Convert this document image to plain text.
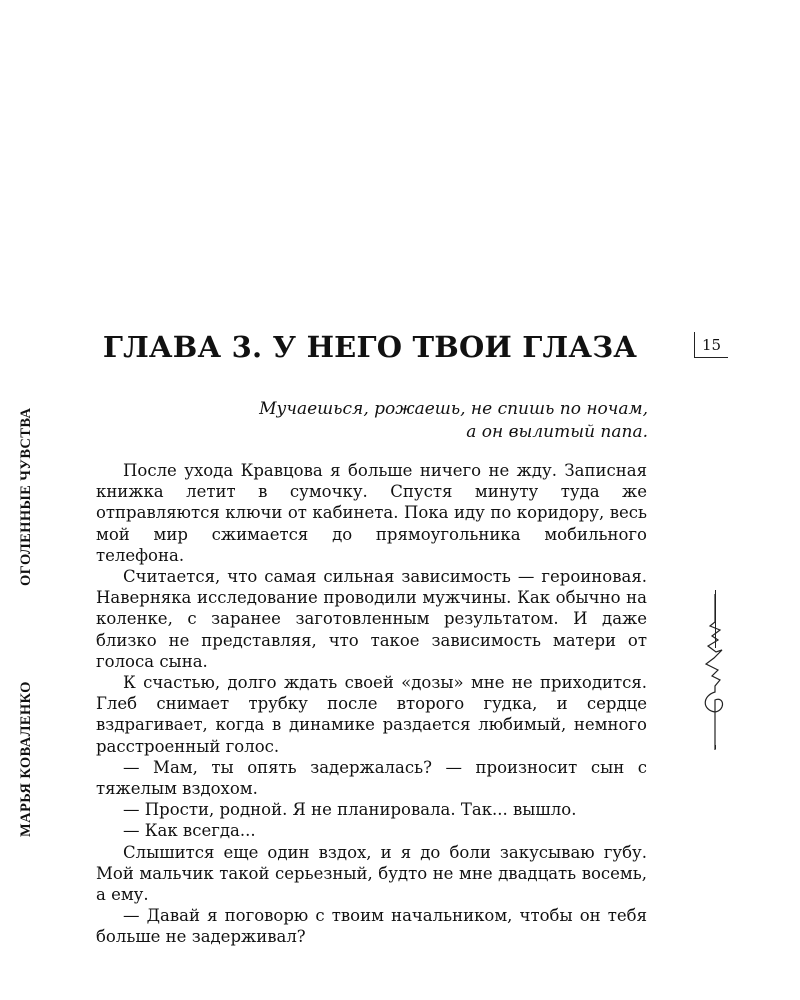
ГЛАВА 3. У НЕГО ТВОИ ГЛАЗА
Мучаешься, рожаешь, не спишь по ночам,
а он вылитый папа.

После ухода Кравцова я больше ничего не жду. Записная книжка летит в сумочку. Спустя минуту туда же отправляются ключи от кабинета. Пока иду по коридору, весь мой мир сжимается до прямоугольника мобильного телефона.

Считается, что самая сильная зависимость — героиновая. Наверняка исследование проводили мужчины. Как обычно на коленке, с заранее заготовленным результатом. И даже близко не представляя, что такое зависимость матери от голоса сына.

К счастью, долго ждать своей «дозы» мне не приходится. Глеб снимает трубку после второго гудка, и сердце вздрагивает, когда в динамике раздается любимый, немного расстроенный голос.

— Мам, ты опять задержалась? — произносит сын с тяжелым вздохом.

— Прости, родной. Я не планировала. Так... вышло.

— Как всегда...

Слышится еще один вздох, и я до боли закусываю губу. Мой мальчик такой серьезный, будто не мне двадцать восемь, а ему.

— Давай я поговорю с твоим начальником, чтобы он тебя больше не задерживал?

15
ОГОЛЕННЫЕ ЧУВСТВА
МАРЬЯ КОВАЛЕНКО
